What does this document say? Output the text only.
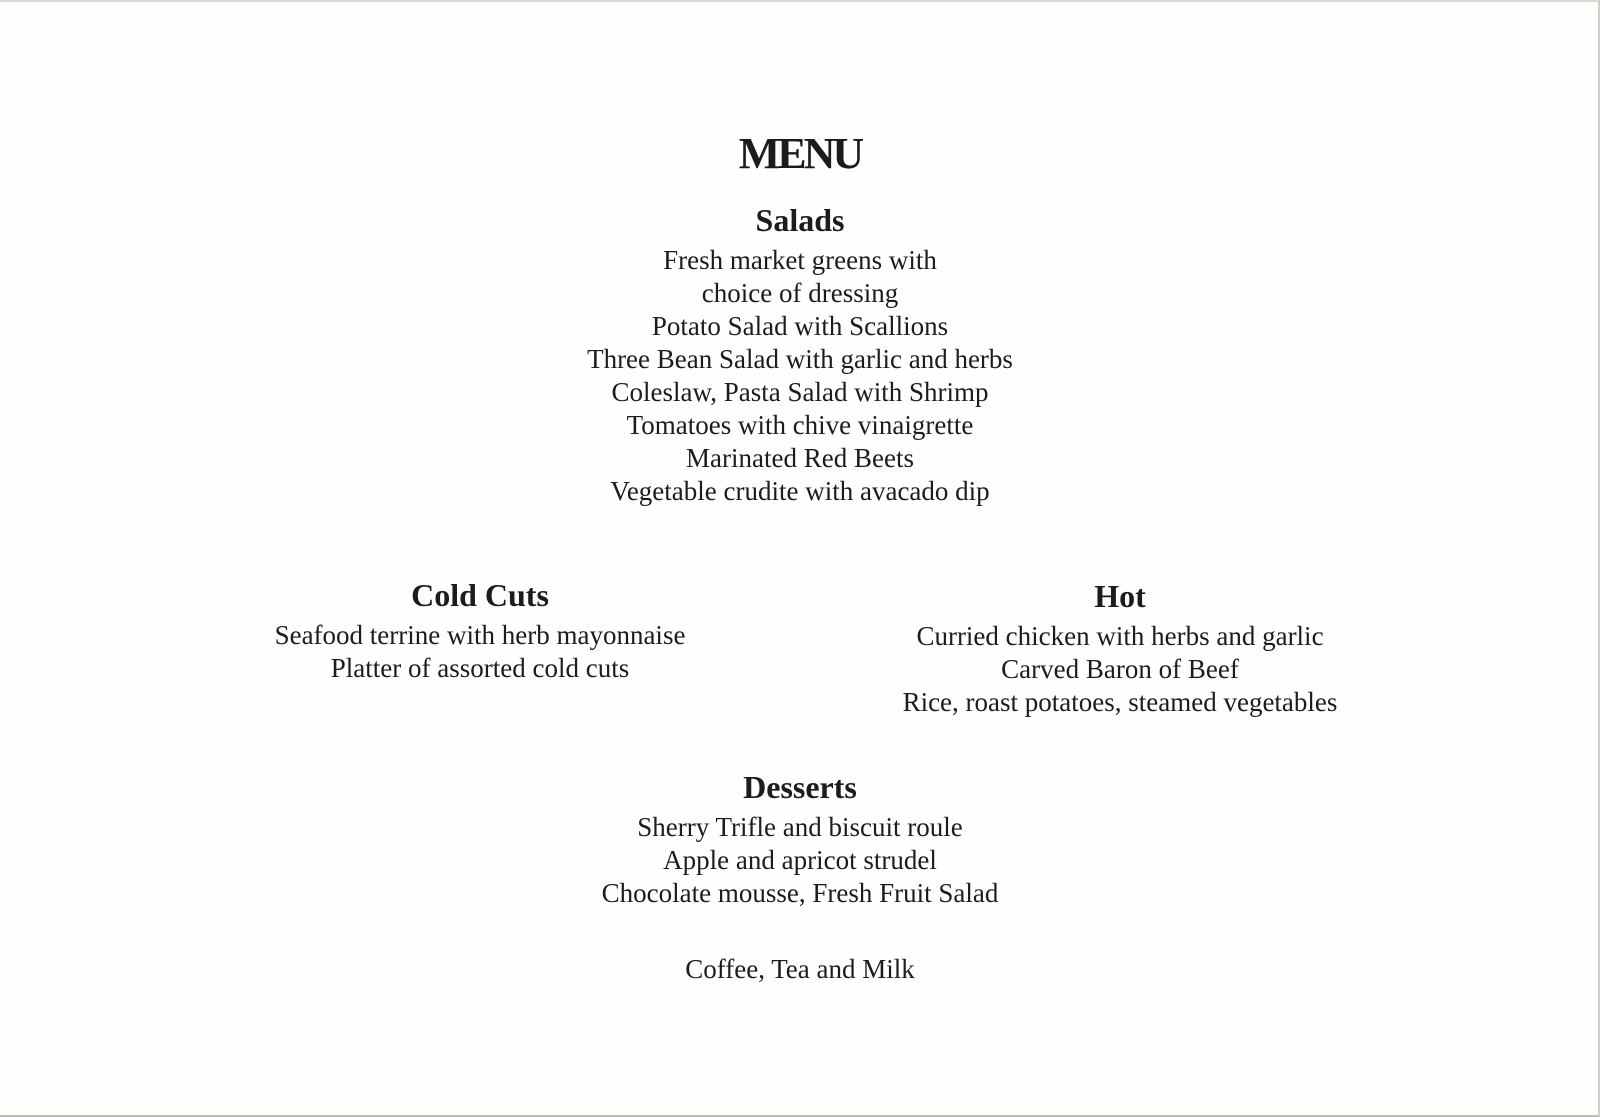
MENU
Salads
Fresh market greens with
choice of dressing
Potato Salad with Scallions
Three Bean Salad with garlic and herbs
Coleslaw, Pasta Salad with Shrimp
Tomatoes with chive vinaigrette
Marinated Red Beets
Vegetable crudite with avacado dip
Cold Cuts
Seafood terrine with herb mayonnaise
Platter of assorted cold cuts
Hot
Curried chicken with herbs and garlic
Carved Baron of Beef
Rice, roast potatoes, steamed vegetables
Desserts
Sherry Trifle and biscuit roule
Apple and apricot strudel
Chocolate mousse, Fresh Fruit Salad
Coffee, Tea and Milk
